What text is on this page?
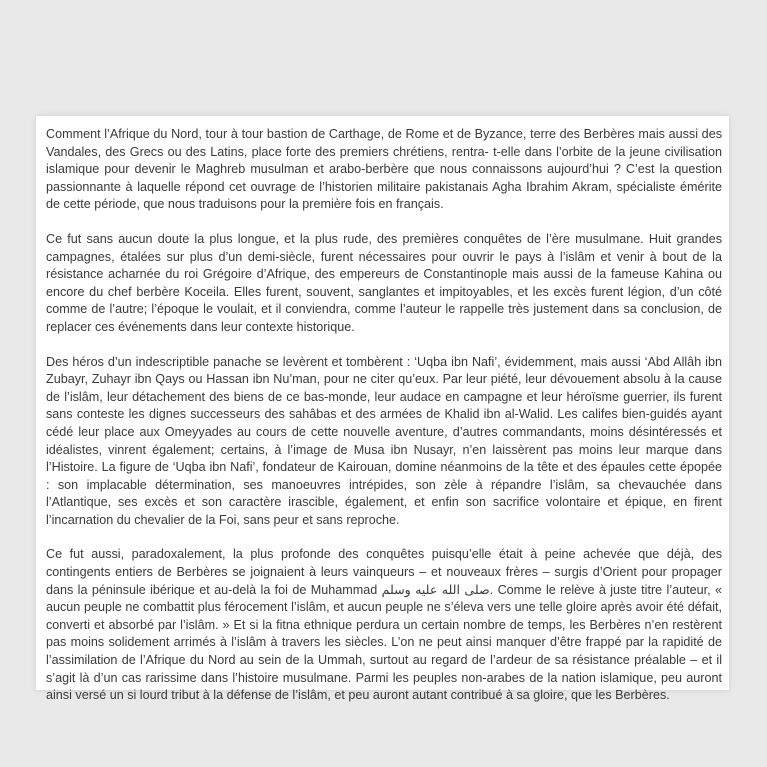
Comment l’Afrique du Nord, tour à tour bastion de Carthage, de Rome et de Byzance, terre des Berbères mais aussi des Vandales, des Grecs ou des Latins, place forte des premiers chrétiens, rentra- t-elle dans l’orbite de la jeune civilisation islamique pour devenir le Maghreb musulman et arabo-berbère que nous connaissons aujourd’hui ? C’est la question passionnante à laquelle répond cet ouvrage de l’historien militaire pakistanais Agha Ibrahim Akram, spécialiste émérite de cette période, que nous traduisons pour la première fois en français.

Ce fut sans aucun doute la plus longue, et la plus rude, des premières conquêtes de l’ère musulmane. Huit grandes campagnes, étalées sur plus d’un demi-siècle, furent nécessaires pour ouvrir le pays à l’islâm et venir à bout de la résistance acharnée du roi Grégoire d’Afrique, des empereurs de Constantinople mais aussi de la fameuse Kahina ou encore du chef berbère Koceila. Elles furent, souvent, sanglantes et impitoyables, et les excès furent légion, d’un côté comme de l’autre; l’époque le voulait, et il conviendra, comme l’auteur le rappelle très justement dans sa conclusion, de replacer ces événements dans leur contexte historique.

Des héros d’un indescriptible panache se levèrent et tombèrent : ‘Uqba ibn Nafi’, évidemment, mais aussi ‘Abd Allâh ibn Zubayr, Zuhayr ibn Qays ou Hassan ibn Nu’man, pour ne citer qu’eux. Par leur piété, leur dévouement absolu à la cause de l’islâm, leur détachement des biens de ce bas-monde, leur audace en campagne et leur héroïsme guerrier, ils furent sans conteste les dignes successeurs des sahâbas et des armées de Khalid ibn al-Walid. Les califes bien-guidés ayant cédé leur place aux Omeyyades au cours de cette nouvelle aventure, d’autres commandants, moins désintéressés et idéalistes, vinrent également; certains, à l’image de Musa ibn Nusayr, n’en laissèrent pas moins leur marque dans l’Histoire. La figure de ‘Uqba ibn Nafi’, fondateur de Kairouan, domine néanmoins de la tête et des épaules cette épopée : son implacable détermination, ses manoeuvres intrépides, son zèle à répandre l’islâm, sa chevauchée dans l’Atlantique, ses excès et son caractère irascible, également, et enfin son sacrifice volontaire et épique, en firent l’incarnation du chevalier de la Foi, sans peur et sans reproche.

Ce fut aussi, paradoxalement, la plus profonde des conquêtes puisqu’elle était à peine achevée que déjà, des contingents entiers de Berbères se joignaient à leurs vainqueurs – et nouveaux frères – surgis d’Orient pour propager dans la péninsule ibérique et au-delà la foi de Muhammad صلى الله عليه وسلم. Comme le relève à juste titre l’auteur, « aucun peuple ne combattit plus férocement l’islâm, et aucun peuple ne s’éleva vers une telle gloire après avoir été défait, converti et absorbé par l’islâm. » Et si la fitna ethnique perdura un certain nombre de temps, les Berbères n’en restèrent pas moins solidement arrimés à l’islâm à travers les siècles. L’on ne peut ainsi manquer d’être frappé par la rapidité de l’assimilation de l’Afrique du Nord au sein de la Ummah, surtout au regard de l’ardeur de sa résistance préalable – et il s’agit là d’un cas rarissime dans l’histoire musulmane. Parmi les peuples non-arabes de la nation islamique, peu auront ainsi versé un si lourd tribut à la défense de l’islâm, et peu auront autant contribué à sa gloire, que les Berbères.
